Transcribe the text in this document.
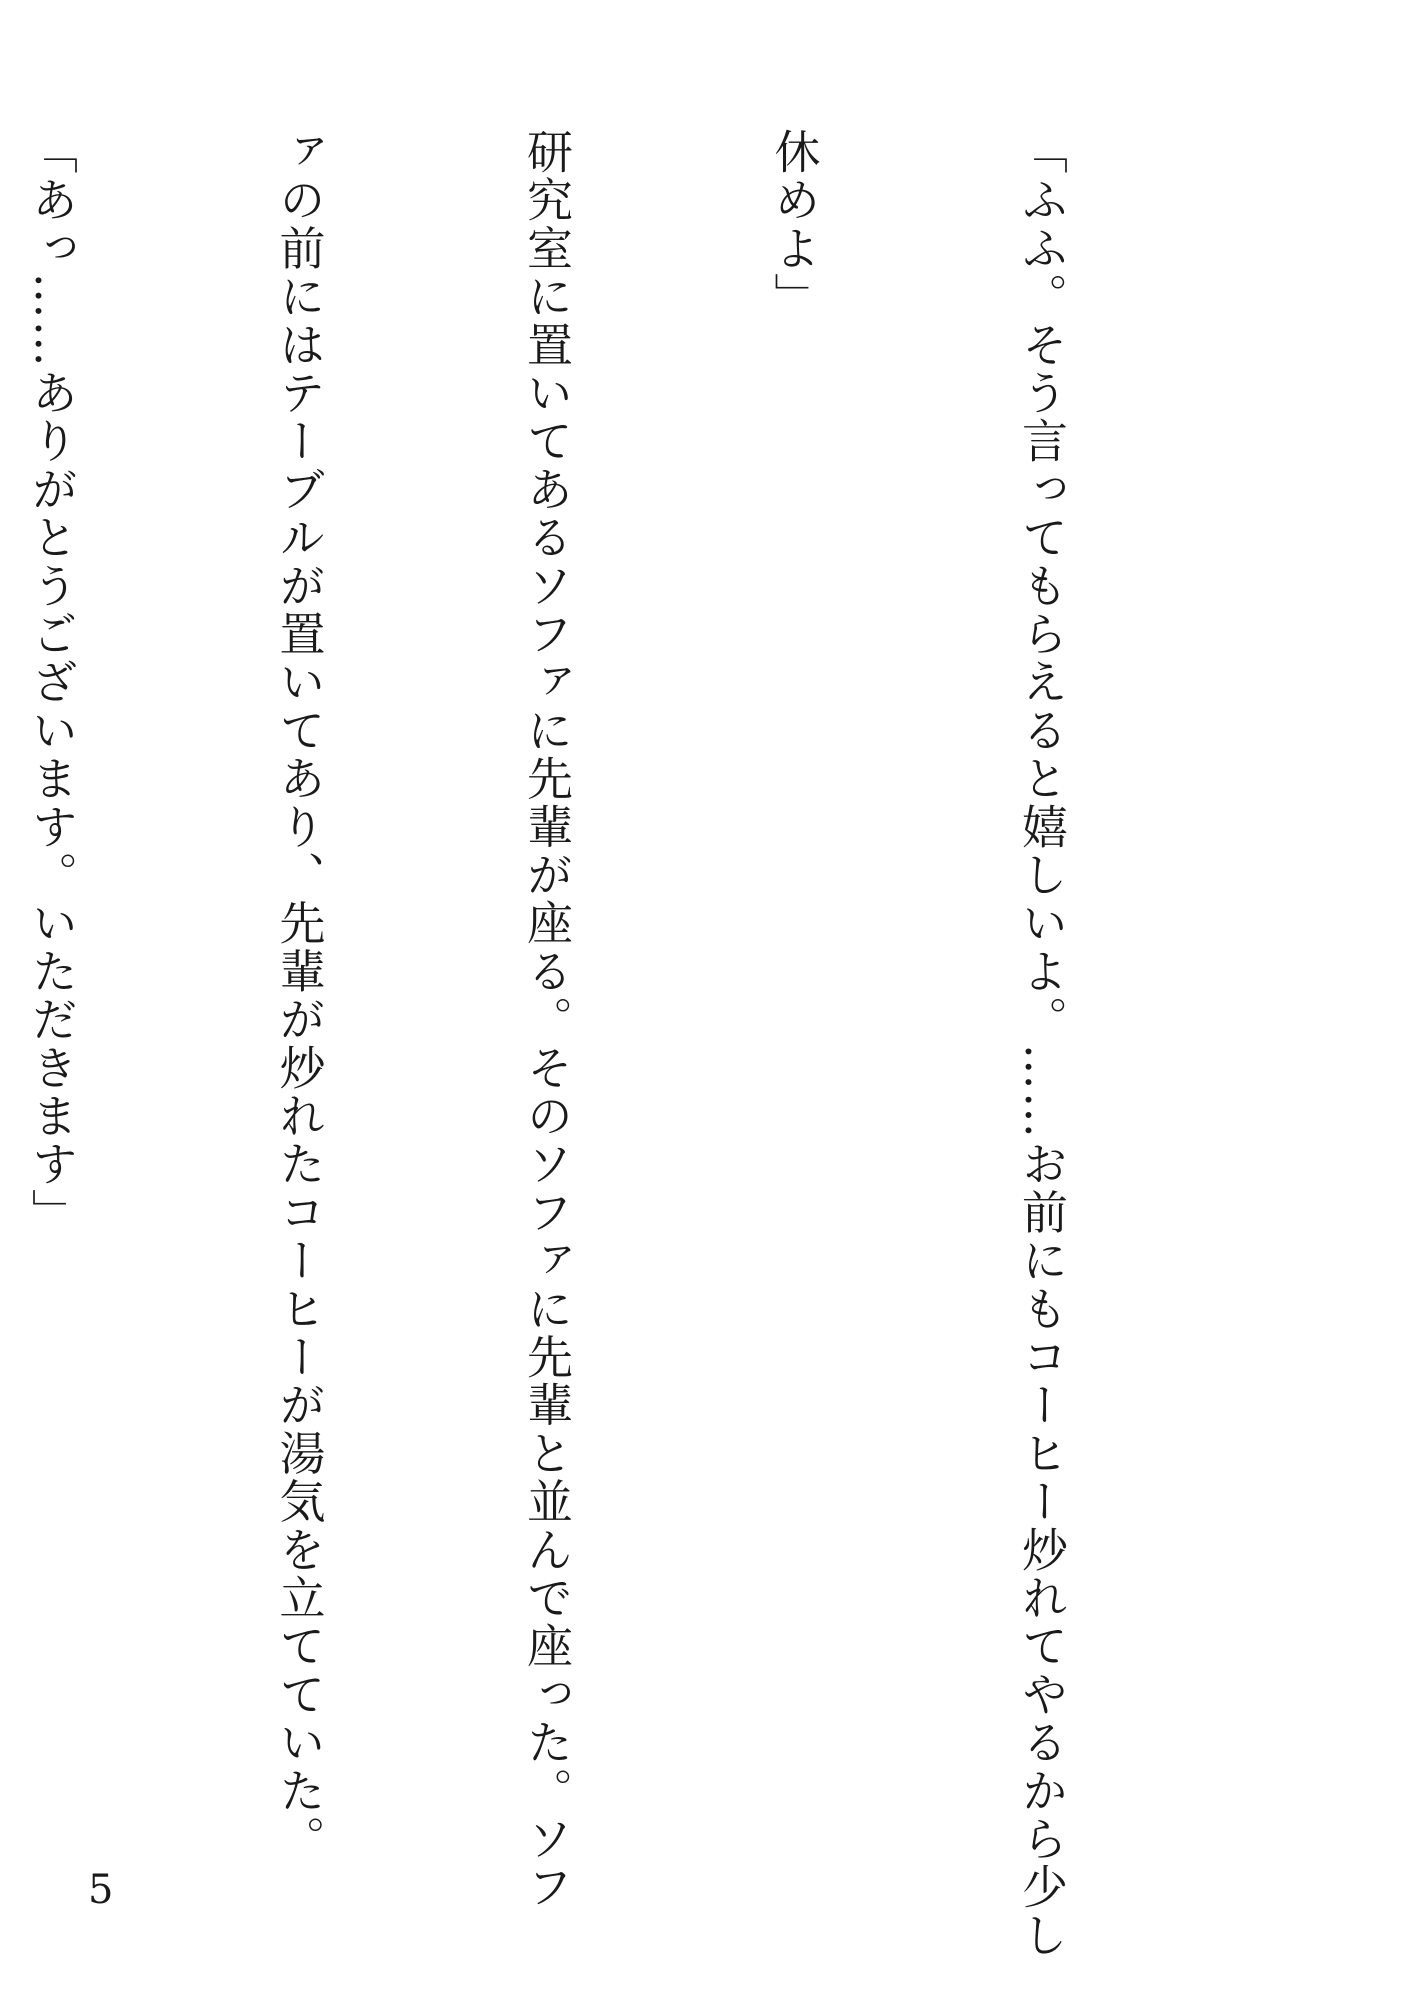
「ふふ。そう言ってもらえると嬉しいよ。……お前にもコーヒー炒れてやるから少し

休めよ」

研究室に置いてあるソファに先輩が座る。そのソファに先輩と並んで座った。ソフ

ァの前にはテーブルが置いてあり、先輩が炒れたコーヒーが湯気を立てていた。

「あっ……ありがとうございます。いただきます」

5
